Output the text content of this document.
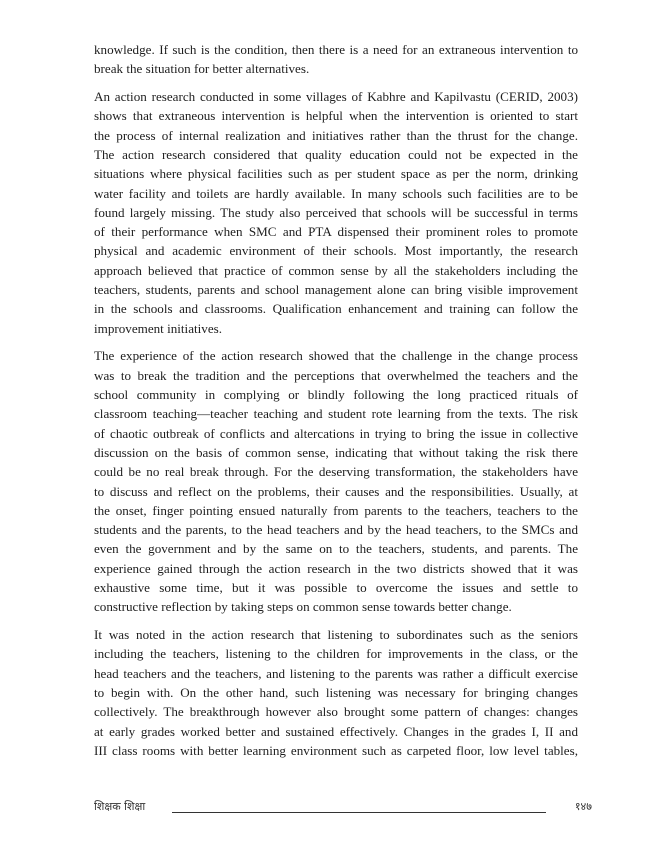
knowledge. If such is the condition, then there is a need for an extraneous intervention to
break the situation for better alternatives.
An action research conducted in some villages of Kabhre and Kapilvastu (CERID, 2003)
shows that extraneous intervention is helpful when the intervention is oriented to start
the process of internal realization and initiatives rather than the thrust for the change.
The action research considered that quality education could not be expected in the
situations where physical facilities such as per student space as per the norm, drinking
water facility and toilets are hardly available. In many schools such facilities are to be
found largely missing. The study also perceived that schools will be successful in terms
of their performance when SMC and PTA dispensed their prominent roles to promote
physical and academic environment of their schools. Most importantly, the research
approach believed that practice of common sense by all the stakeholders including the
teachers, students, parents and school management alone can bring visible improvement
in the schools and classrooms. Qualification enhancement and training can follow the
improvement initiatives.
The experience of the action research showed that the challenge in the change process
was to break the tradition and the perceptions that overwhelmed the teachers and the
school community in complying or blindly following the long practiced rituals of
classroom teaching—teacher teaching and student rote learning from the texts. The risk
of chaotic outbreak of conflicts and altercations in trying to bring the issue in collective
discussion on the basis of common sense, indicating that without taking the risk there
could be no real break through. For the deserving transformation, the stakeholders have
to discuss and reflect on the problems, their causes and the responsibilities. Usually, at
the onset, finger pointing ensued naturally from parents to the teachers, teachers to the
students and the parents, to the head teachers and by the head teachers, to the SMCs and
even the government and by the same on to the teachers, students, and parents. The
experience gained through the action research in the two districts showed that it was
exhaustive some time, but it was possible to overcome the issues and settle to
constructive reflection by taking steps on common sense towards better change.
It was noted in the action research that listening to subordinates such as the seniors
including the teachers, listening to the children for improvements in the class, or the
head teachers and the teachers, and listening to the parents was rather a difficult exercise
to begin with. On the other hand, such listening was necessary for bringing changes
collectively. The breakthrough however also brought some pattern of changes: changes
at early grades worked better and sustained effectively. Changes in the grades I, II and
III class rooms with better learning environment such as carpeted floor, low level tables,
शिक्षक शिक्षा	१४७
